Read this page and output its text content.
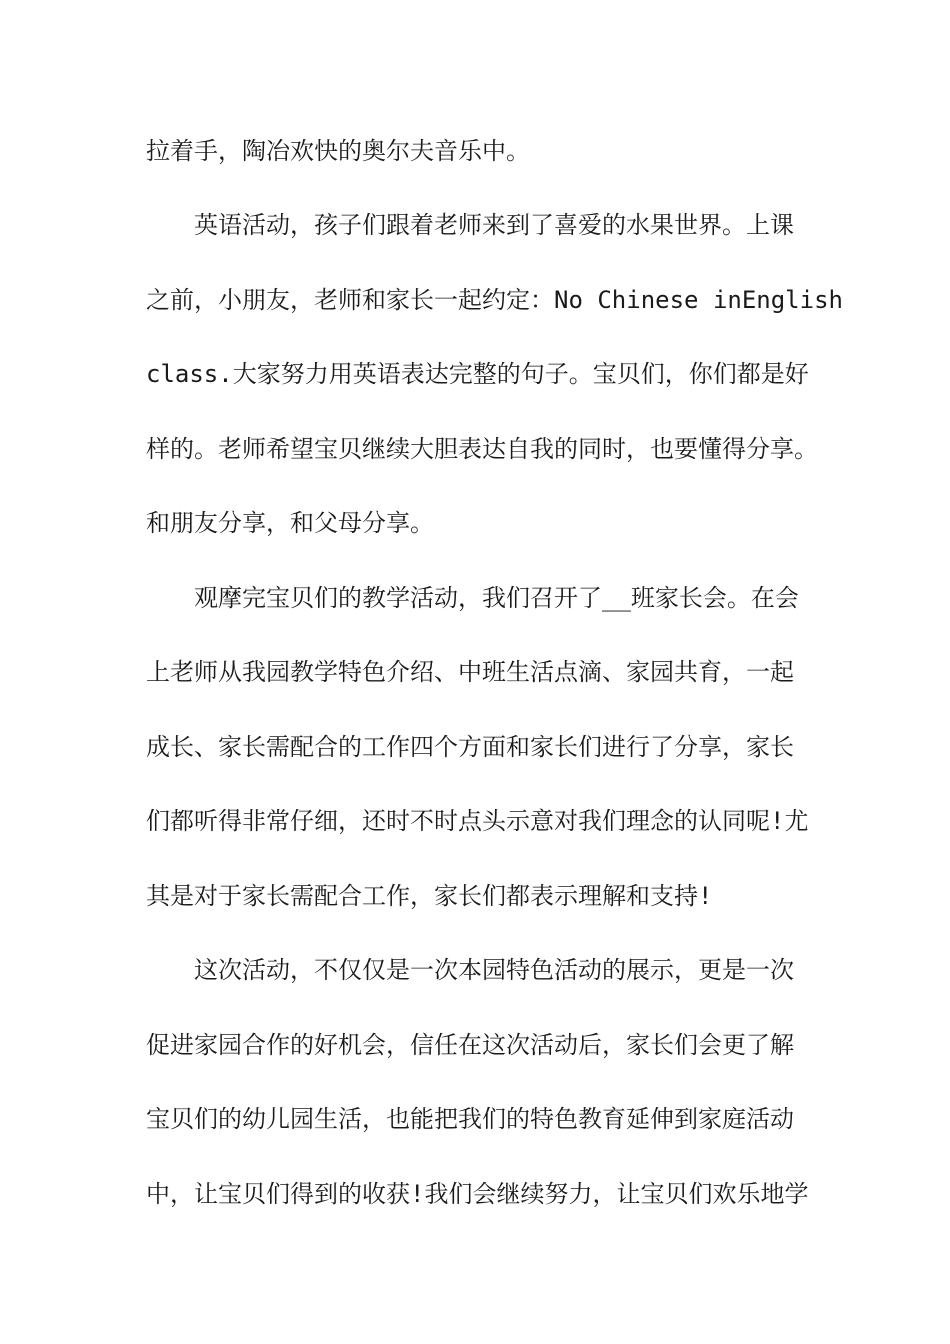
拉着手，陶冶欢快的奥尔夫音乐中。
英语活动，孩子们跟着老师来到了喜爱的水果世界。上课
之前，小朋友，老师和家长一起约定：No Chinese inEnglish
class.大家努力用英语表达完整的句子。宝贝们，你们都是好
样的。老师希望宝贝继续大胆表达自我的同时，也要懂得分享。
和朋友分享，和父母分享。
观摩完宝贝们的教学活动，我们召开了__班家长会。在会
上老师从我园教学特色介绍、中班生活点滴、家园共育，一起
成长、家长需配合的工作四个方面和家长们进行了分享，家长
们都听得非常仔细，还时不时点头示意对我们理念的认同呢!尤
其是对于家长需配合工作，家长们都表示理解和支持!
这次活动，不仅仅是一次本园特色活动的展示，更是一次
促进家园合作的好机会，信任在这次活动后，家长们会更了解
宝贝们的幼儿园生活，也能把我们的特色教育延伸到家庭活动
中，让宝贝们得到的收获!我们会继续努力，让宝贝们欢乐地学
